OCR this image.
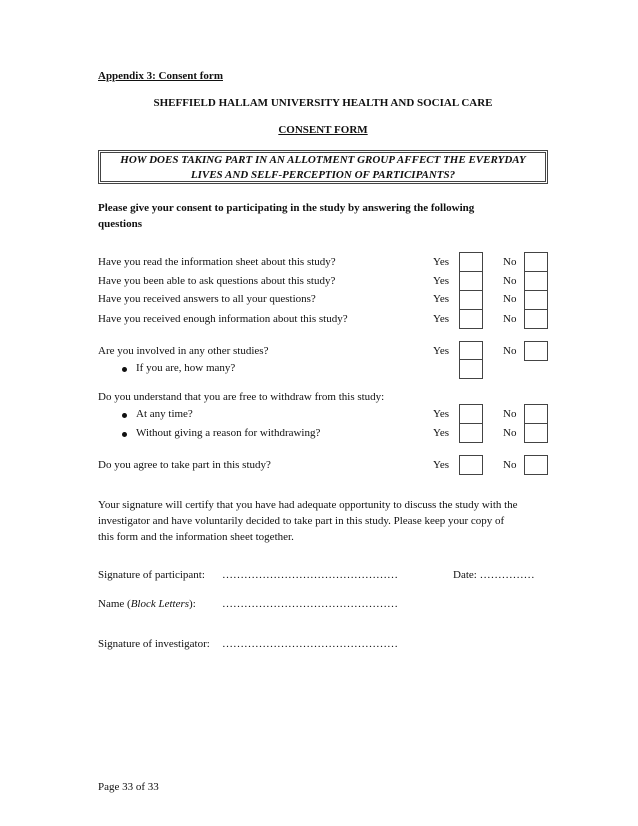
Appendix 3: Consent form
SHEFFIELD HALLAM UNIVERSITY HEALTH AND SOCIAL CARE
CONSENT FORM
HOW DOES TAKING PART IN AN ALLOTMENT GROUP AFFECT THE EVERYDAY
LIVES AND SELF-PERCEPTION OF PARTICIPANTS?
Please give your consent to participating in the study by answering the following
questions
Have you read the information sheet about this study?	Yes	No
Have you been able to ask questions about this study?	Yes	No
Have you received answers to all your questions?	Yes	No
Have you received enough information about this study?	Yes	No
Are you involved in any other studies?	Yes	No
If you are, how many?
Do you understand that you are free to withdraw from this study:
At any time?	Yes	No
Without giving a reason for withdrawing?	Yes	No
Do you agree to take part in this study?	Yes	No
Your signature will certify that you have had adequate opportunity to discuss the study with the
investigator and have voluntarily decided to take part in this study. Please keep your copy of
this form and the information sheet together.
Signature of participant: …………………………………………	Date: ……………
Name (Block Letters): …………………………………………
Signature of investigator: …………………………………………
Page 33 of 33
